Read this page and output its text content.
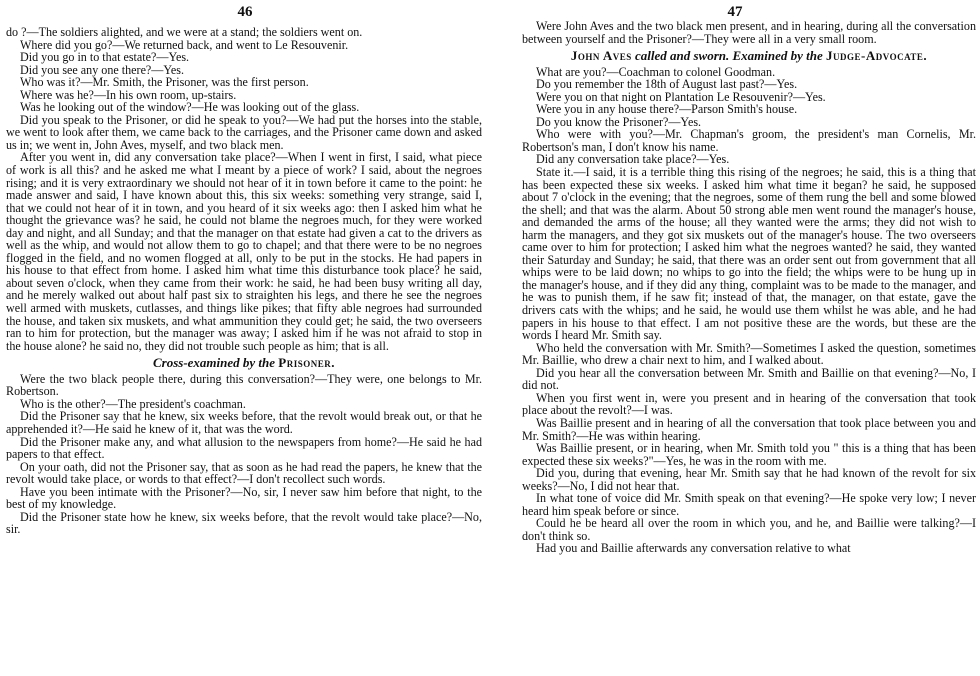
46

do ?—The soldiers alighted, and we were at a stand; the soldiers went on.

Where did you go?—We returned back, and went to Le Resouvenir.

Did you go in to that estate?—Yes.

Did you see any one there?—Yes.

Who was it?—Mr. Smith, the Prisoner, was the first person.

Where was he?—In his own room, up-stairs.

Was he looking out of the window?—He was looking out of the glass.

Did you speak to the Prisoner, or did he speak to you?—We had put the horses into the stable, we went to look after them, we came back to the carriages, and the Prisoner came down and asked us in; we went in, John Aves, myself, and two black men.

After you went in, did any conversation take place?—When I went in first, I said, what piece of work is all this? and he asked me what I meant by a piece of work? I said, about the negroes rising; and it is very extraordinary we should not hear of it in town before it came to the point: he made answer and said, I have known about this, this six weeks: something very strange, said I, that we could not hear of it in town, and you heard of it six weeks ago: then I asked him what he thought the grievance was? he said, he could not blame the negroes much, for they were worked day and night, and all Sunday; and that the manager on that estate had given a cat to the drivers as well as the whip, and would not allow them to go to chapel; and that there were to be no negroes flogged in the field, and no women flogged at all, only to be put in the stocks. He had papers in his house to that effect from home. I asked him what time this disturbance took place? he said, about seven o'clock, when they came from their work: he said, he had been busy writing all day, and he merely walked out about half past six to straighten his legs, and there he see the negroes well armed with muskets, cutlasses, and things like pikes; that fifty able negroes had surrounded the house, and taken six muskets, and what ammunition they could get; he said, the two overseers ran to him for protection, but the manager was away; I asked him if he was not afraid to stop in the house alone? he said no, they did not trouble such people as him; that is all.

Cross-examined by the Prisoner.

Were the two black people there, during this conversation?—They were, one belongs to Mr. Robertson.

Who is the other?—The president's coachman.

Did the Prisoner say that he knew, six weeks before, that the revolt would break out, or that he apprehended it?—He said he knew of it, that was the word.

Did the Prisoner make any, and what allusion to the newspapers from home?—He said he had papers to that effect.

On your oath, did not the Prisoner say, that as soon as he had read the papers, he knew that the revolt would take place, or words to that effect?—I don't recollect such words.

Have you been intimate with the Prisoner?—No, sir, I never saw him before that night, to the best of my knowledge.

Did the Prisoner state how he knew, six weeks before, that the revolt would take place?—No, sir.

47

Were John Aves and the two black men present, and in hearing, during all the conversation between yourself and the Prisoner?—They were all in a very small room.

John Aves called and sworn. Examined by the Judge-Advocate.

What are you?—Coachman to colonel Goodman.

Do you remember the 18th of August last past?—Yes.

Were you on that night on Plantation Le Resouvenir?—Yes.

Were you in any house there?—Parson Smith's house.

Do you know the Prisoner?—Yes.

Who were with you?—Mr. Chapman's groom, the president's man Cornelis, Mr. Robertson's man, I don't know his name.

Did any conversation take place?—Yes.

State it.—I said, it is a terrible thing this rising of the negroes; he said, this is a thing that has been expected these six weeks. I asked him what time it began? he said, he supposed about 7 o'clock in the evening; that the negroes, some of them rung the bell and some blowed the shell; and that was the alarm. About 50 strong able men went round the manager's house, and demanded the arms of the house; all they wanted were the arms; they did not wish to harm the managers, and they got six muskets out of the manager's house. The two overseers came over to him for protection; I asked him what the negroes wanted? he said, they wanted their Saturday and Sunday; he said, that there was an order sent out from government that all whips were to be laid down; no whips to go into the field; the whips were to be hung up in the manager's house, and if they did any thing, complaint was to be made to the manager, and he was to punish them, if he saw fit; instead of that, the manager, on that estate, gave the drivers cats with the whips; and he said, he would use them whilst he was able, and he had papers in his house to that effect. I am not positive these are the words, but these are the words I heard Mr. Smith say.

Who held the conversation with Mr. Smith?—Sometimes I asked the question, sometimes Mr. Baillie, who drew a chair next to him, and I walked about.

Did you hear all the conversation between Mr. Smith and Baillie on that evening?—No, I did not.

When you first went in, were you present and in hearing of the conversation that took place about the revolt?—I was.

Was Baillie present and in hearing of all the conversation that took place between you and Mr. Smith?—He was within hearing.

Was Baillie present, or in hearing, when Mr. Smith told you " this is a thing that has been expected these six weeks?"—Yes, he was in the room with me.

Did you, during that evening, hear Mr. Smith say that he had known of the revolt for six weeks?—No, I did not hear that.

In what tone of voice did Mr. Smith speak on that evening?—He spoke very low; I never heard him speak before or since.

Could he be heard all over the room in which you, and he, and Baillie were talking?—I don't think so.

Had you and Baillie afterwards any conversation relative to what
